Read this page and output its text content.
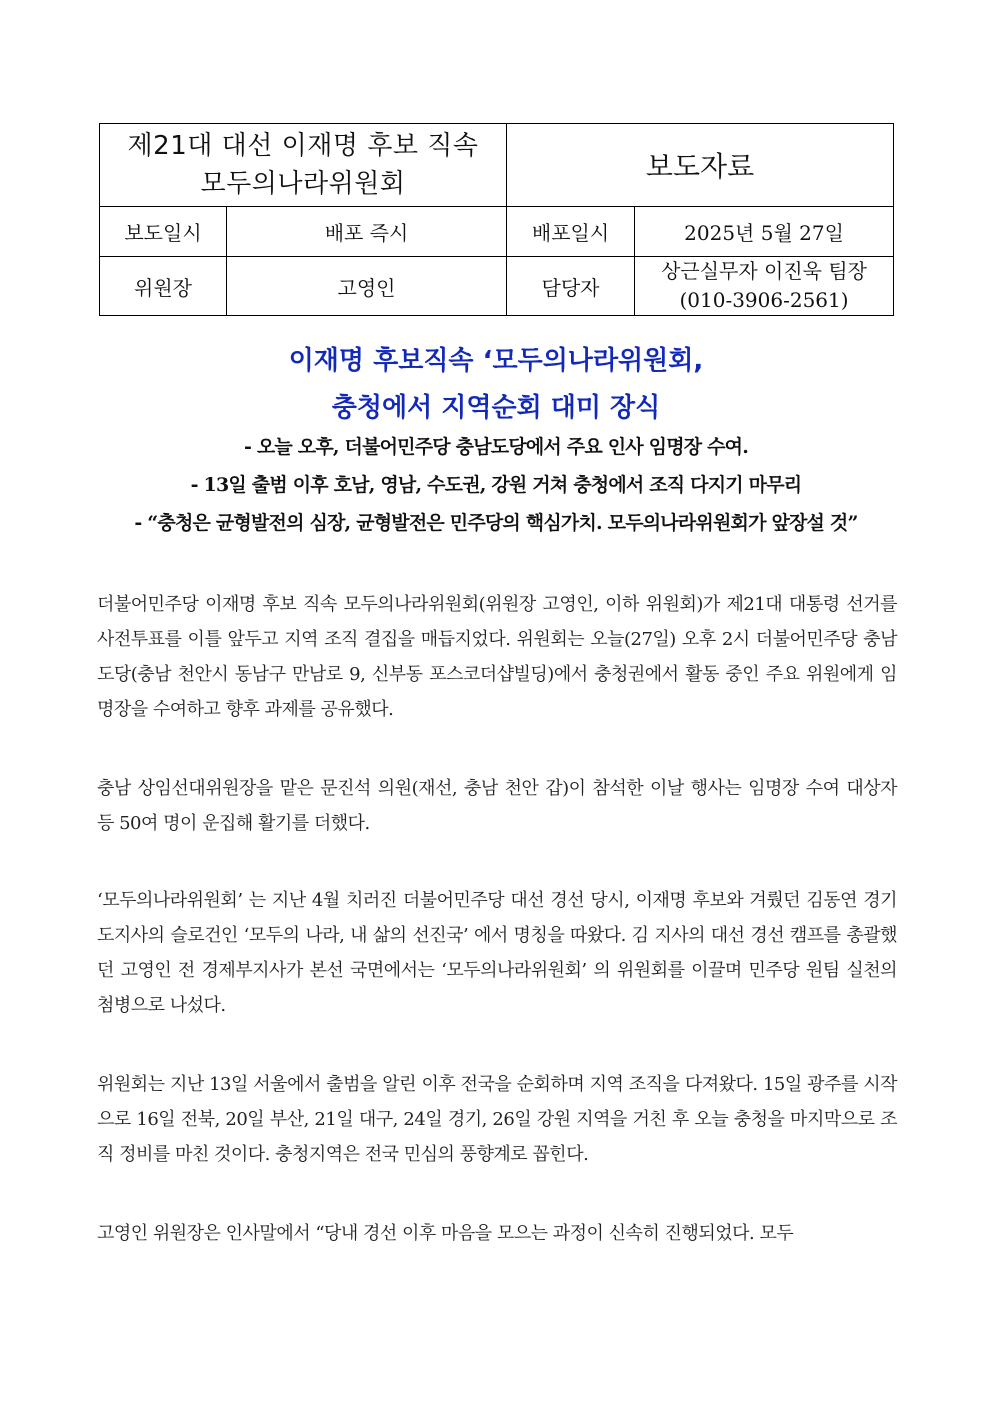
제21대 대선 이재명 후보 직속
모두의나라위원회		보도자료	
보도일시	배포 즉시	배포일시	2025년 5월 27일
위원장	고영인	담당자	상근실무자 이진욱 팀장
(010-3906-2561)

이재명 후보직속 ‘모두의나라위원회,

충청에서 지역순회 대미 장식

- 오늘 오후, 더불어민주당 충남도당에서 주요 인사 임명장 수여.

- 13일 출범 이후 호남, 영남, 수도권, 강원 거쳐 충청에서 조직 다지기 마무리

- “충청은 균형발전의 심장, 균형발전은 민주당의 핵심가치. 모두의나라위원회가 앞장설 것”

더불어민주당 이재명 후보 직속 모두의나라위원회(위원장 고영인, 이하 위원회)가 제21대 대통령 선거를 사전투표를 이틀 앞두고 지역 조직 결집을 매듭지었다. 위원회는 오늘(27일) 오후 2시 더불어민주당 충남도당(충남 천안시 동남구 만남로 9, 신부동 포스코더샵빌딩)에서 충청권에서 활동 중인 주요 위원에게 임명장을 수여하고 향후 과제를 공유했다.

충남 상임선대위원장을 맡은 문진석 의원(재선, 충남 천안 갑)이 참석한 이날 행사는 임명장 수여 대상자 등 50여 명이 운집해 활기를 더했다.

‘모두의나라위원회’ 는 지난 4월 치러진 더불어민주당 대선 경선 당시, 이재명 후보와 겨뤘던 김동연 경기도지사의 슬로건인 ‘모두의 나라, 내 삶의 선진국’ 에서 명칭을 따왔다. 김 지사의 대선 경선 캠프를 총괄했던 고영인 전 경제부지사가 본선 국면에서는 ‘모두의나라위원회’ 의 위원회를 이끌며 민주당 원팀 실천의 첨병으로 나섰다.

위원회는 지난 13일 서울에서 출범을 알린 이후 전국을 순회하며 지역 조직을 다져왔다. 15일 광주를 시작으로 16일 전북, 20일 부산, 21일 대구, 24일 경기, 26일 강원 지역을 거친 후 오늘 충청을 마지막으로 조직 정비를 마친 것이다. 충청지역은 전국 민심의 풍향계로 꼽힌다.

고영인 위원장은 인사말에서 “당내 경선 이후 마음을 모으는 과정이 신속히 진행되었다. 모두
